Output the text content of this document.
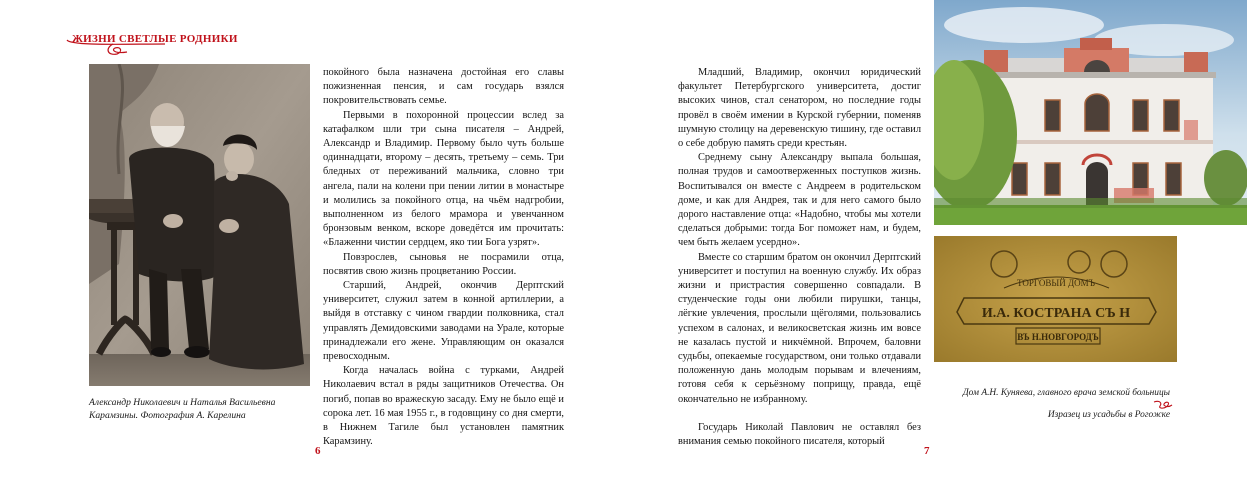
ЖИЗНИ СВЕТЛЫЕ РОДНИКИ
Александр Николаевич и Наталья Васильевна Карамзины. Фотография А. Карелина

покойного была назначена достойная его славы пожизненная пенсия, и сам государь взялся покровительствовать семье.

Первыми в похоронной процессии вслед за катафалком шли три сына писателя – Андрей, Александр и Владимир. Первому было чуть больше одиннадцати, второму – десять, третьему – семь. Три бледных от переживаний мальчика, словно три ангела, пали на колени при пении литии в монастыре и молились за покойного отца, на чьём надгробии, выполненном из белого мрамора и увенчанном бронзовым венком, вскоре доведётся им прочитать: «Блаженни чистии сердцем, яко тии Бога узрят».

Повзрослев, сыновья не посрамили отца, посвятив свою жизнь процветанию России.

Старший, Андрей, окончив Дерптский университет, служил затем в конной артиллерии, а выйдя в отставку с чином гвардии полковника, стал управлять Демидовскими заводами на Урале, которые принадлежали его жене. Управляющим он оказался превосходным.

Когда началась война с турками, Андрей Николаевич встал в ряды защитников Отечества. Он погиб, попав во вражескую засаду. Ему не было ещё и сорока лет. 16 мая 1955 г., в годовщину со дня смерти, в Нижнем Тагиле был установлен памятник Карамзину.

6

Младший, Владимир, окончил юридический факультет Петербургского университета, достиг высоких чинов, стал сенатором, но последние годы провёл в своём имении в Курской губернии, поменяв шумную столицу на деревенскую тишину, где оставил о себе добрую память среди крестьян.

Среднему сыну Александру выпала большая, полная трудов и самоотверженных поступков жизнь. Воспитывался он вместе с Андреем в родительском доме, и как для Андрея, так и для него самого было дорого наставление отца: «Надобно, чтобы мы хотели сделаться добрыми: тогда Бог поможет нам, и будем, чем быть желаем усердно».

Вместе со старшим братом он окончил Дерптский университет и поступил на военную службу. Их образ жизни и пристрастия совершенно совпадали. В студенческие годы они любили пирушки, танцы, лёгкие увлечения, прослыли щёголями, пользовались успехом в салонах, и великосветская жизнь им вовсе не казалась пустой и никчёмной. Впрочем, баловни судьбы, опекаемые государством, они только отдавали положенную дань молодым порывам и влечениям, готовя себя к серьёзному поприщу, правда, ещё окончательно не избранному.

Государь Николай Павлович не оставлял без внимания семью покойного писателя, который

7
ТОРГОВЫЙ ДОМЪ
И.А. КОСТРАНА СЪ Н
ВЪ Н.НОВГОРОДЪ
Дом А.Н. Куняева, главного врача земской больницы
Изразец из усадьбы в Рогожке
